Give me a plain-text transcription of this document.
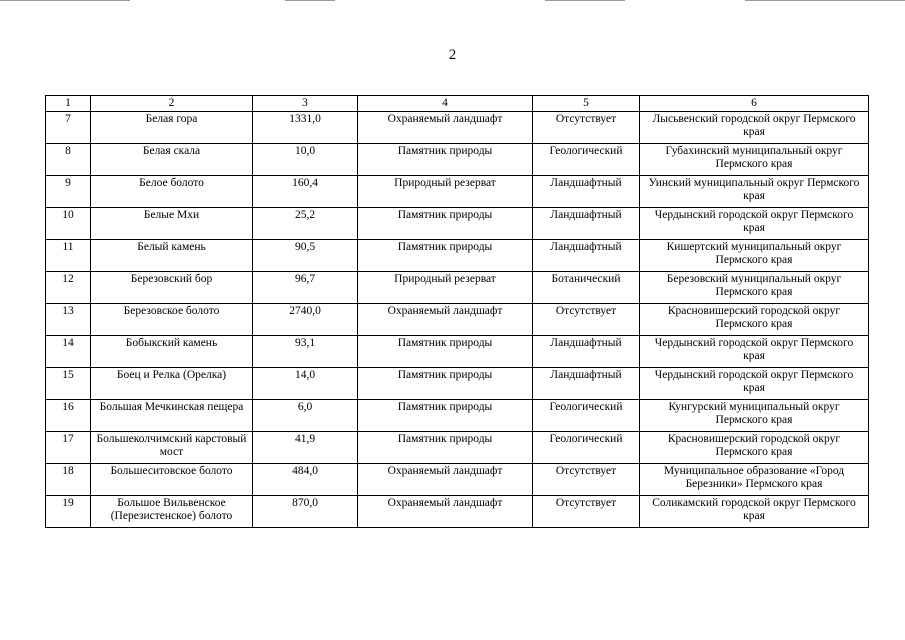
2
1	2	3	4	5	6
7	Белая гора	1331,0	Охраняемый ландшафт	Отсутствует	Лысьвенский городской округ Пермского края
8	Белая скала	10,0	Памятник природы	Геологический	Губахинский муниципальный округ Пермского края
9	Белое болото	160,4	Природный резерват	Ландшафтный	Уинский муниципальный округ Пермского края
10	Белые Мхи	25,2	Памятник природы	Ландшафтный	Чердынский городской округ Пермского края
11	Белый камень	90,5	Памятник природы	Ландшафтный	Кишертский муниципальный округ Пермского края
12	Березовский бор	96,7	Природный резерват	Ботанический	Березовский муниципальный округ Пермского края
13	Березовское болото	2740,0	Охраняемый ландшафт	Отсутствует	Красновишерский городской округ Пермского края
14	Бобыкский камень	93,1	Памятник природы	Ландшафтный	Чердынский городской округ Пермского края
15	Боец и Релка (Орелка)	14,0	Памятник природы	Ландшафтный	Чердынский городской округ Пермского края
16	Большая Мечкинская пещера	6,0	Памятник природы	Геологический	Кунгурский муниципальный округ Пермского края
17	Большеколчимский карстовый мост	41,9	Памятник природы	Геологический	Красновишерский городской округ Пермского края
18	Большеситовское болото	484,0	Охраняемый ландшафт	Отсутствует	Муниципальное образование «Город Березники» Пермского края
19	Большое Вильвенское (Перезистенское) болото	870,0	Охраняемый ландшафт	Отсутствует	Соликамский городской округ Пермского края
